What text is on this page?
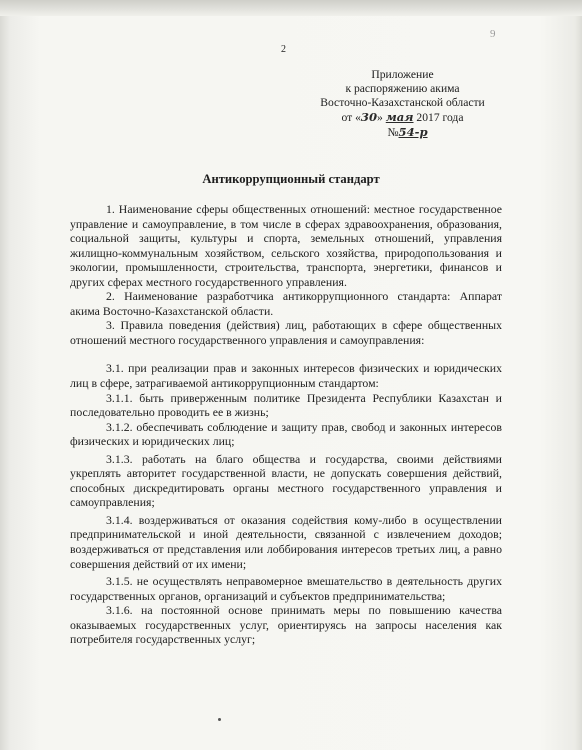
2
9
Приложение
к распоряжению акима
Восточно-Казахстанской области
от «30» мая 2017 года
№54-р
Антикоррупционный стандарт

1. Наименование сферы общественных отношений: местное государственное управление и самоуправление, в том числе в сферах здравоохранения, образования, социальной защиты, культуры и спорта, земельных отношений, управления жилищно-коммунальным хозяйством, сельского хозяйства, природопользования и экологии, промышленности, строительства, транспорта, энергетики, финансов и других сферах местного государственного управления.

2. Наименование разработчика антикоррупционного стандарта: Аппарат акима Восточно-Казахстанской области.

3. Правила поведения (действия) лиц, работающих в сфере общественных отношений местного государственного управления и самоуправления:

3.1. при реализации прав и законных интересов физических и юридических лиц в сфере, затрагиваемой антикоррупционным стандартом:

3.1.1. быть приверженным политике Президента Республики Казахстан и последовательно проводить ее в жизнь;

3.1.2. обеспечивать соблюдение и защиту прав, свобод и законных интересов физических и юридических лиц;

3.1.3. работать на благо общества и государства, своими действиями укреплять авторитет государственной власти, не допускать совершения действий, способных дискредитировать органы местного государственного управления и самоуправления;

3.1.4. воздерживаться от оказания содействия кому-либо в осуществлении предпринимательской и иной деятельности, связанной с извлечением доходов; воздерживаться от представления или лоббирования интересов третьих лиц, а равно совершения действий от их имени;

3.1.5. не осуществлять неправомерное вмешательство в деятельность других государственных органов, организаций и субъектов предпринимательства;

3.1.6. на постоянной основе принимать меры по повышению качества оказываемых государственных услуг, ориентируясь на запросы населения как потребителя государственных услуг;
